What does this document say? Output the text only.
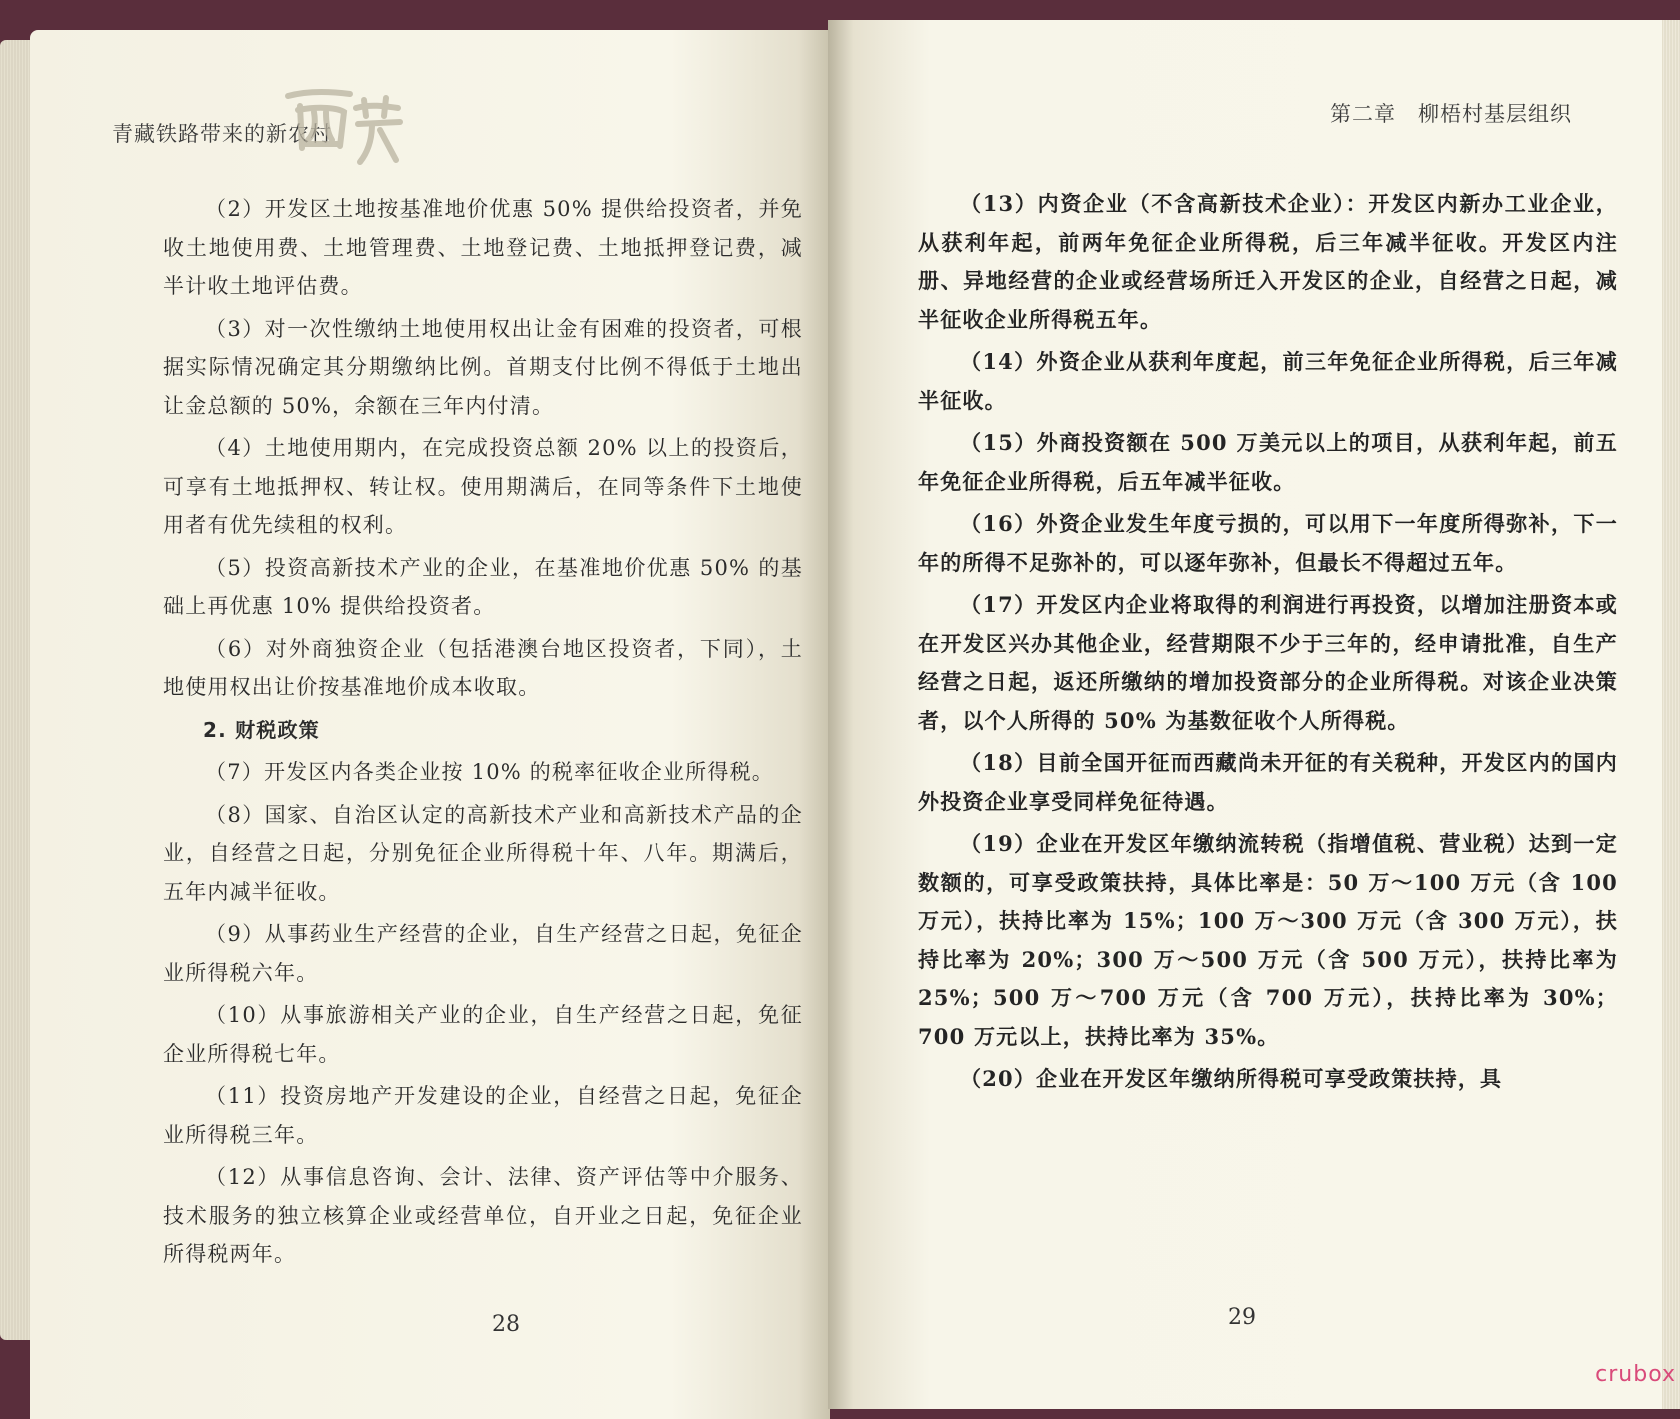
青藏铁路带来的新农村

（2）开发区土地按基准地价优惠 50% 提供给投资者，并免收土地使用费、土地管理费、土地登记费、土地抵押登记费，减半计收土地评估费。

（3）对一次性缴纳土地使用权出让金有困难的投资者，可根据实际情况确定其分期缴纳比例。首期支付比例不得低于土地出让金总额的 50%，余额在三年内付清。

（4）土地使用期内，在完成投资总额 20% 以上的投资后，可享有土地抵押权、转让权。使用期满后，在同等条件下土地使用者有优先续租的权利。

（5）投资高新技术产业的企业，在基准地价优惠 50% 的基础上再优惠 10% 提供给投资者。

（6）对外商独资企业（包括港澳台地区投资者，下同），土地使用权出让价按基准地价成本收取。

2. 财税政策

（7）开发区内各类企业按 10% 的税率征收企业所得税。

（8）国家、自治区认定的高新技术产业和高新技术产品的企业，自经营之日起，分别免征企业所得税十年、八年。期满后，五年内减半征收。

（9）从事药业生产经营的企业，自生产经营之日起，免征企业所得税六年。

（10）从事旅游相关产业的企业，自生产经营之日起，免征企业所得税七年。

（11）投资房地产开发建设的企业，自经营之日起，免征企业所得税三年。

（12）从事信息咨询、会计、法律、资产评估等中介服务、技术服务的独立核算企业或经营单位，自开业之日起，免征企业所得税两年。

28
第二章　柳梧村基层组织

（13）内资企业（不含高新技术企业）：开发区内新办工业企业，从获利年起，前两年免征企业所得税，后三年减半征收。开发区内注册、异地经营的企业或经营场所迁入开发区的企业，自经营之日起，减半征收企业所得税五年。

（14）外资企业从获利年度起，前三年免征企业所得税，后三年减半征收。

（15）外商投资额在 500 万美元以上的项目，从获利年起，前五年免征企业所得税，后五年减半征收。

（16）外资企业发生年度亏损的，可以用下一年度所得弥补，下一年的所得不足弥补的，可以逐年弥补，但最长不得超过五年。

（17）开发区内企业将取得的利润进行再投资，以增加注册资本或在开发区兴办其他企业，经营期限不少于三年的，经申请批准，自生产经营之日起，返还所缴纳的增加投资部分的企业所得税。对该企业决策者，以个人所得的 50% 为基数征收个人所得税。

（18）目前全国开征而西藏尚未开征的有关税种，开发区内的国内外投资企业享受同样免征待遇。

（19）企业在开发区年缴纳流转税（指增值税、营业税）达到一定数额的，可享受政策扶持，具体比率是：50 万～100 万元（含 100 万元），扶持比率为 15%；100 万～300 万元（含 300 万元），扶持比率为 20%；300 万～500 万元（含 500 万元），扶持比率为 25%；500 万～700 万元（含 700 万元），扶持比率为 30%；700 万元以上，扶持比率为 35%。

（20）企业在开发区年缴纳所得税可享受政策扶持，具

29
crubox
